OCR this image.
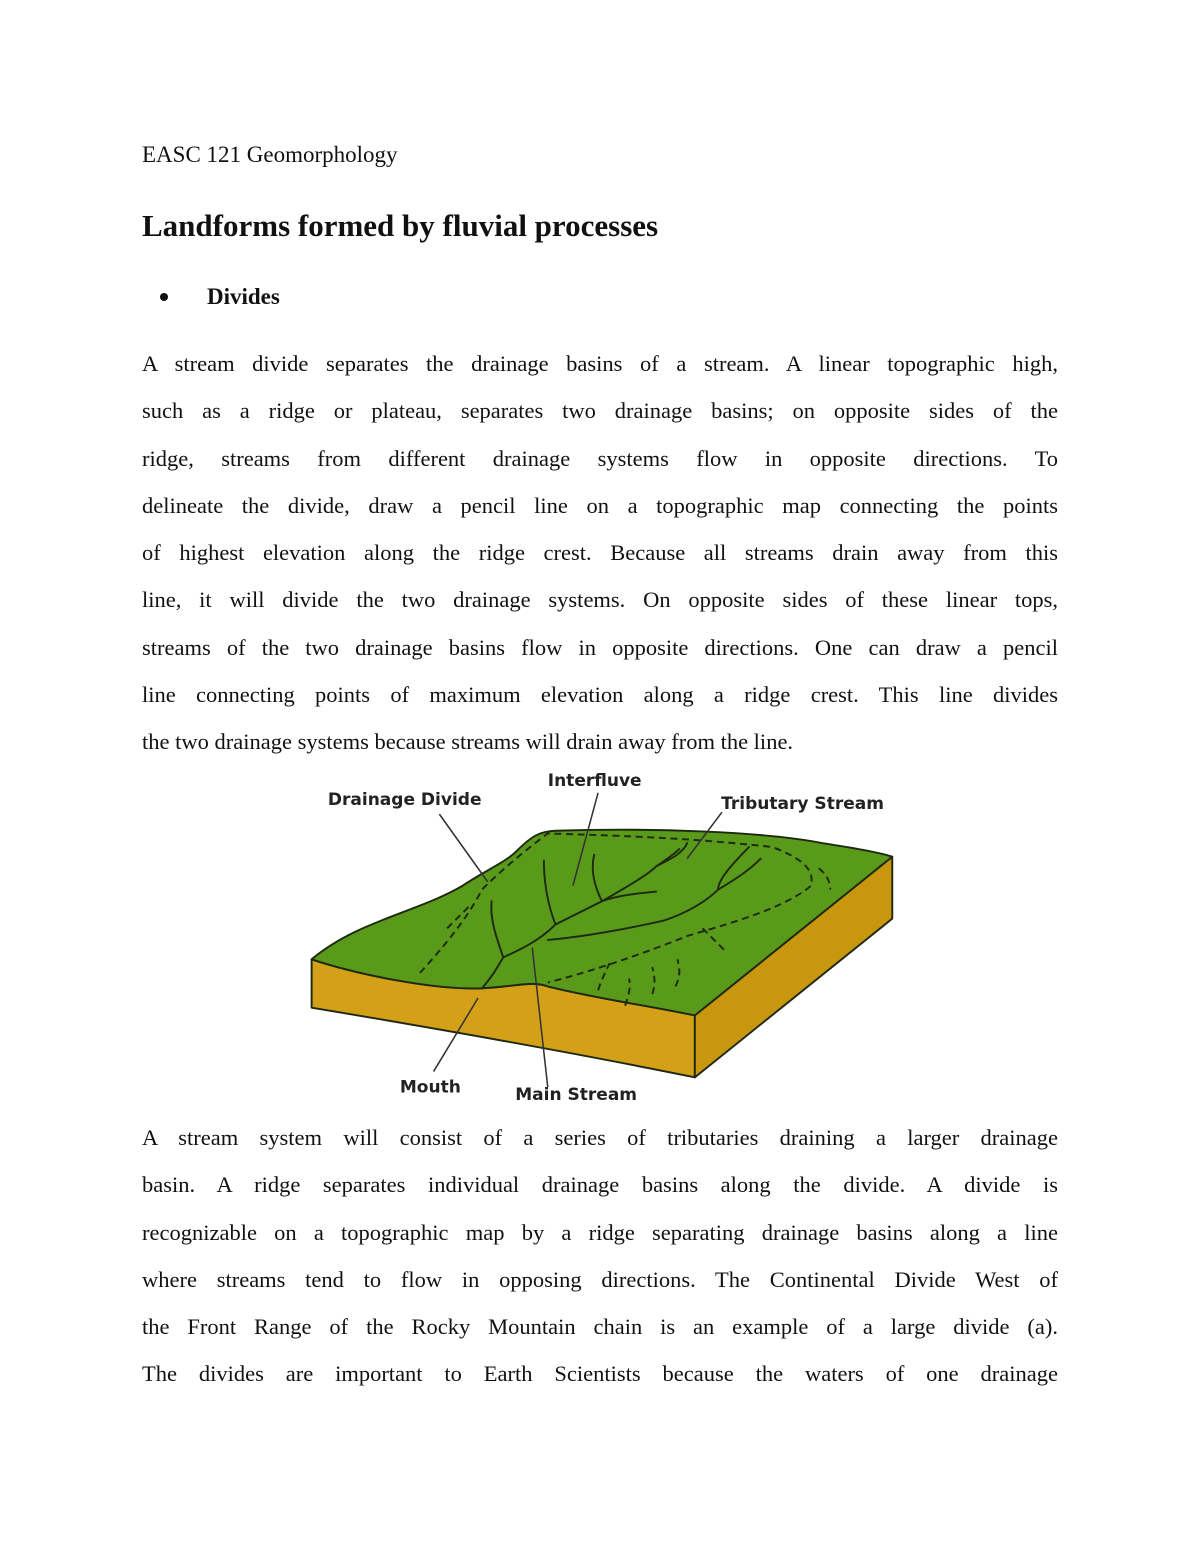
EASC 121 Geomorphology
Landforms formed by fluvial processes
Divides
A stream divide separates the drainage basins of a stream. A linear topographic high,
such as a ridge or plateau, separates two drainage basins; on opposite sides of the
ridge, streams from different drainage systems flow in opposite directions. To
delineate the divide, draw a pencil line on a topographic map connecting the points
of highest elevation along the ridge crest. Because all streams drain away from this
line, it will divide the two drainage systems. On opposite sides of these linear tops,
streams of the two drainage basins flow in opposite directions. One can draw a pencil
line connecting points of maximum elevation along a ridge crest. This line divides
the two drainage systems because streams will drain away from the line.
Drainage Divide
Interfluve
Tributary Stream
Mouth Main Stream
A stream system will consist of a series of tributaries draining a larger drainage
basin. A ridge separates individual drainage basins along the divide. A divide is
recognizable on a topographic map by a ridge separating drainage basins along a line
where streams tend to flow in opposing directions. The Continental Divide West of
the Front Range of the Rocky Mountain chain is an example of a large divide (a).
The divides are important to Earth Scientists because the waters of one drainage
